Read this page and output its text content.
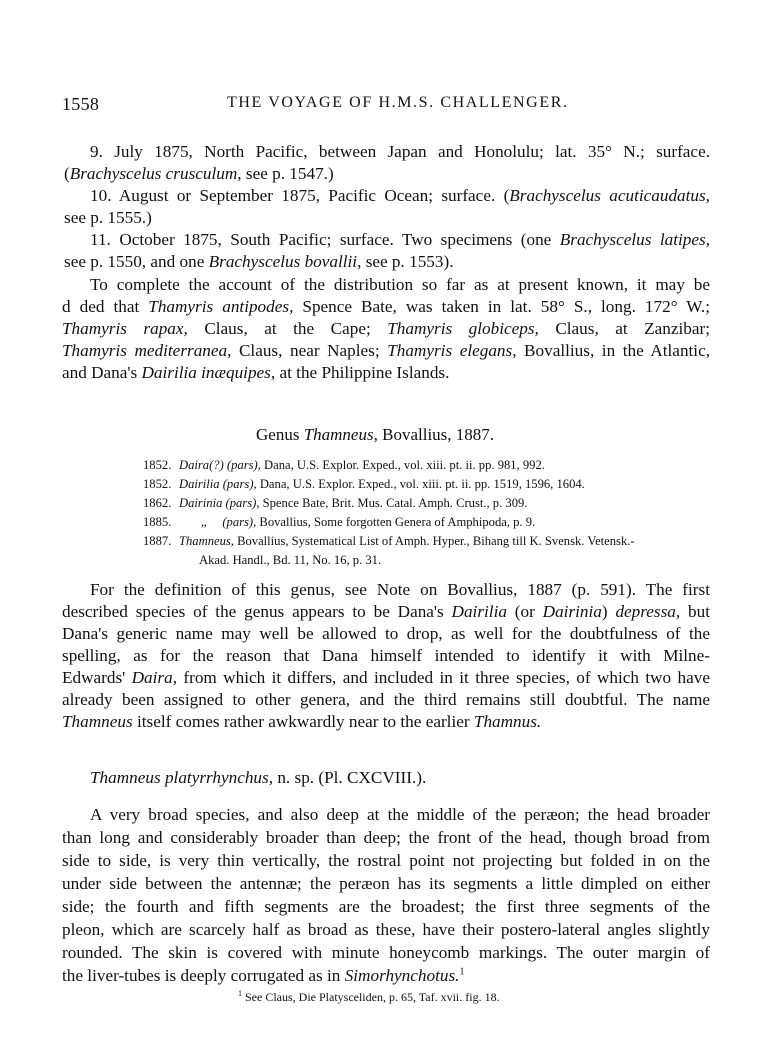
1558	THE VOYAGE OF H.M.S. CHALLENGER.
9. July 1875, North Pacific, between Japan and Honolulu; lat. 35° N.; surface.
(Brachyscelus crusculum, see p. 1547.)
10. August or September 1875, Pacific Ocean; surface. (Brachyscelus acuticaudatus,
see p. 1555.)
11. October 1875, South Pacific; surface. Two specimens (one Brachyscelus latipes,
see p. 1550, and one Brachyscelus bovallii, see p. 1553).
To complete the account of the distribution so far as at present known, it may be
d ded that Thamyris antipodes, Spence Bate, was taken in lat. 58° S., long. 172° W.;
Thamyris rapax, Claus, at the Cape; Thamyris globiceps, Claus, at Zanzibar;
Thamyris mediterranea, Claus, near Naples; Thamyris elegans, Bovallius, in the Atlantic,
and Dana's Dairilia inæquipes, at the Philippine Islands.
Genus Thamneus, Bovallius, 1887.
1852. Daira(?) (pars), Dana, U.S. Explor. Exped., vol. xiii. pt. ii. pp. 981, 992.
1852. Dairilia (pars), Dana, U.S. Explor. Exped., vol. xiii. pt. ii. pp. 1519, 1596, 1604.
1862. Dairinia (pars), Spence Bate, Brit. Mus. Catal. Amph. Crust., p. 309.
1885. „     (pars), Bovallius, Some forgotten Genera of Amphipoda, p. 9.
1887. Thamneus, Bovallius, Systematical List of Amph. Hyper., Bihang till K. Svensk. Vetensk.-
Akad. Handl., Bd. 11, No. 16, p. 31.
For the definition of this genus, see Note on Bovallius, 1887 (p. 591). The first
described species of the genus appears to be Dana's Dairilia (or Dairinia) depressa, but
Dana's generic name may well be allowed to drop, as well for the doubtfulness of the
spelling, as for the reason that Dana himself intended to identify it with Milne-
Edwards' Daira, from which it differs, and included in it three species, of which two have
already been assigned to other genera, and the third remains still doubtful. The name
Thamneus itself comes rather awkwardly near to the earlier Thamnus.
Thamneus platyrrhynchus, n. sp. (Pl. CXCVIII.).
A very broad species, and also deep at the middle of the peræon; the head broader
than long and considerably broader than deep; the front of the head, though broad from
side to side, is very thin vertically, the rostral point not projecting but folded in on the
under side between the antennæ; the peræon has its segments a little dimpled on either
side; the fourth and fifth segments are the broadest; the first three segments of the
pleon, which are scarcely half as broad as these, have their postero-lateral angles slightly
rounded. The skin is covered with minute honeycomb markings. The outer margin of
the liver-tubes is deeply corrugated as in Simorhynchotus.$^1$
$^1$ See Claus, Die Platysceliden, p. 65, Taf. xvii. fig. 18.
